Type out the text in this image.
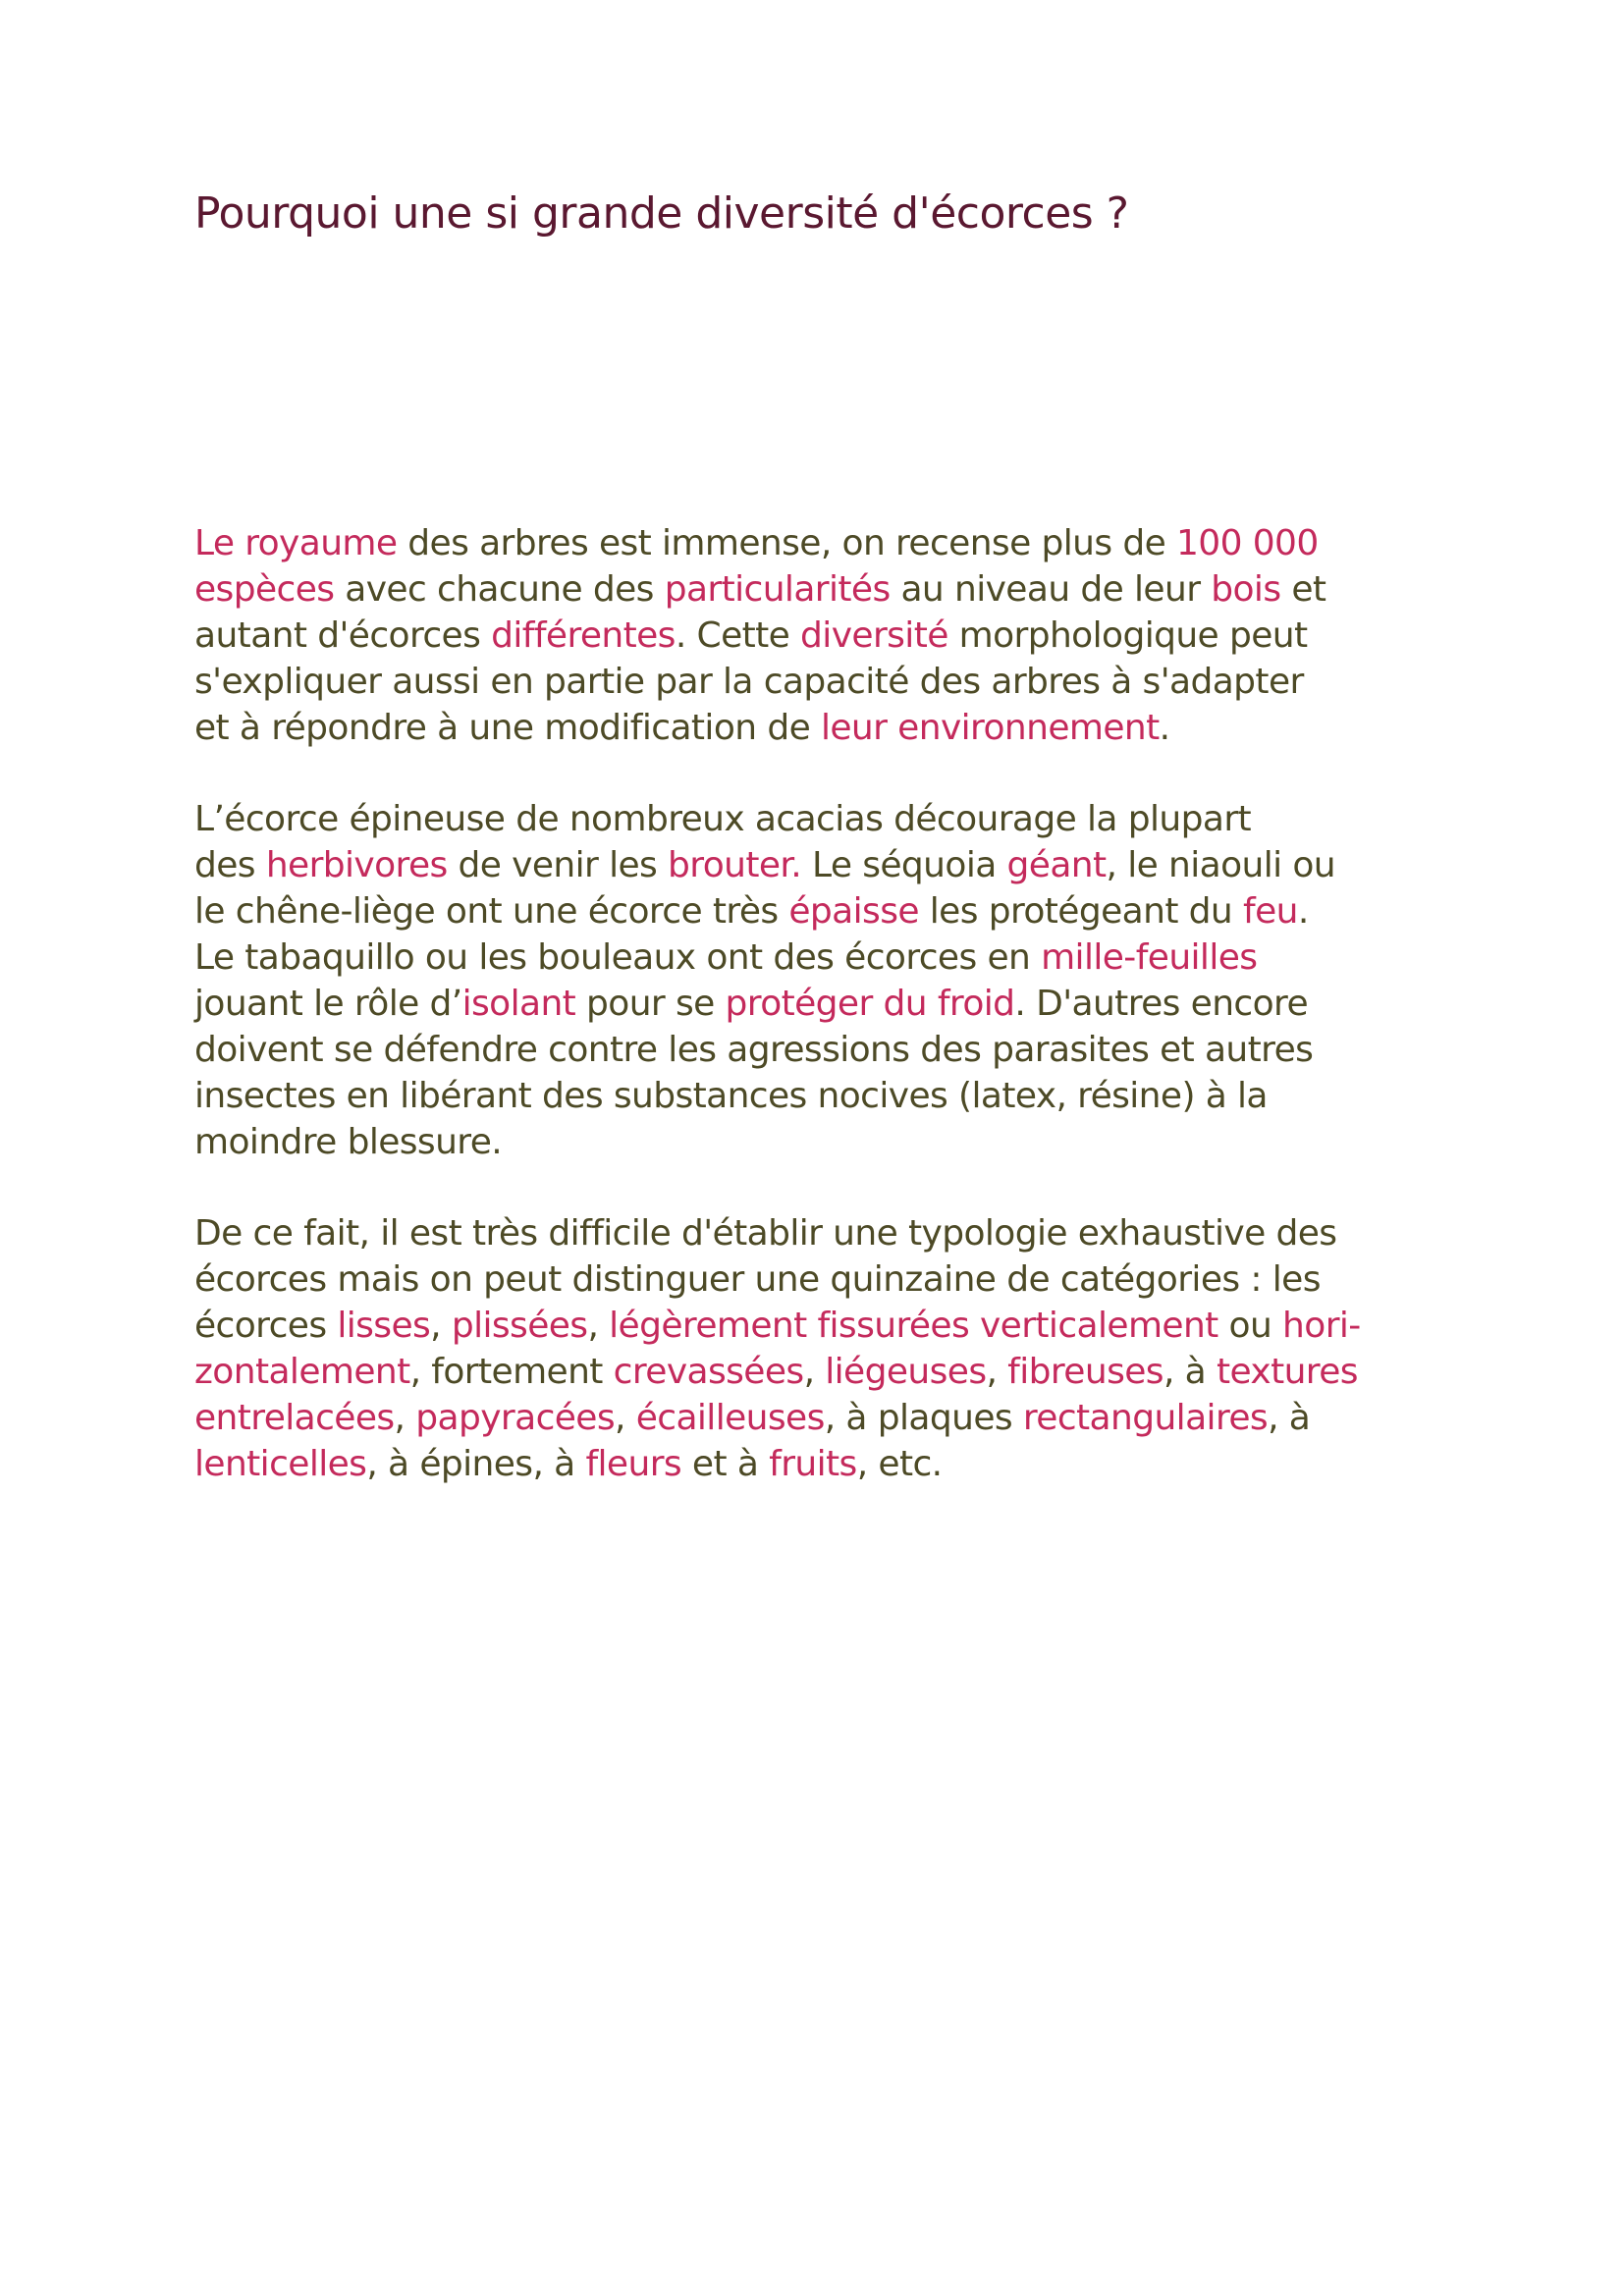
Pourquoi une si grande diversité d'écorces ?

Le royaume des arbres est immense, on recense plus de 100 000
espèces avec chacune des particularités au niveau de leur bois et
autant d'écorces différentes. Cette diversité morphologique peut
s'expliquer aussi en partie par la capacité des arbres à s'adapter
et à répondre à une modification de leur environnement.

L’écorce épineuse de nombreux acacias décourage la plupart
des herbivores de venir les brouter. Le séquoia géant, le niaouli ou
le chêne-liège ont une écorce très épaisse les protégeant du feu.
Le tabaquillo ou les bouleaux ont des écorces en mille-feuilles
jouant le rôle d’isolant pour se protéger du froid. D'autres encore
doivent se défendre contre les agressions des parasites et autres
insectes en libérant des substances nocives (latex, résine) à la
moindre blessure.

De ce fait, il est très difficile d'établir une typologie exhaustive des
écorces mais on peut distinguer une quinzaine de catégories : les
écorces lisses, plissées, légèrement fissurées verticalement ou hori-
zontalement, fortement crevassées, liégeuses, fibreuses, à textures
entrelacées, papyracées, écailleuses, à plaques rectangulaires, à
lenticelles, à épines, à fleurs et à fruits, etc.
